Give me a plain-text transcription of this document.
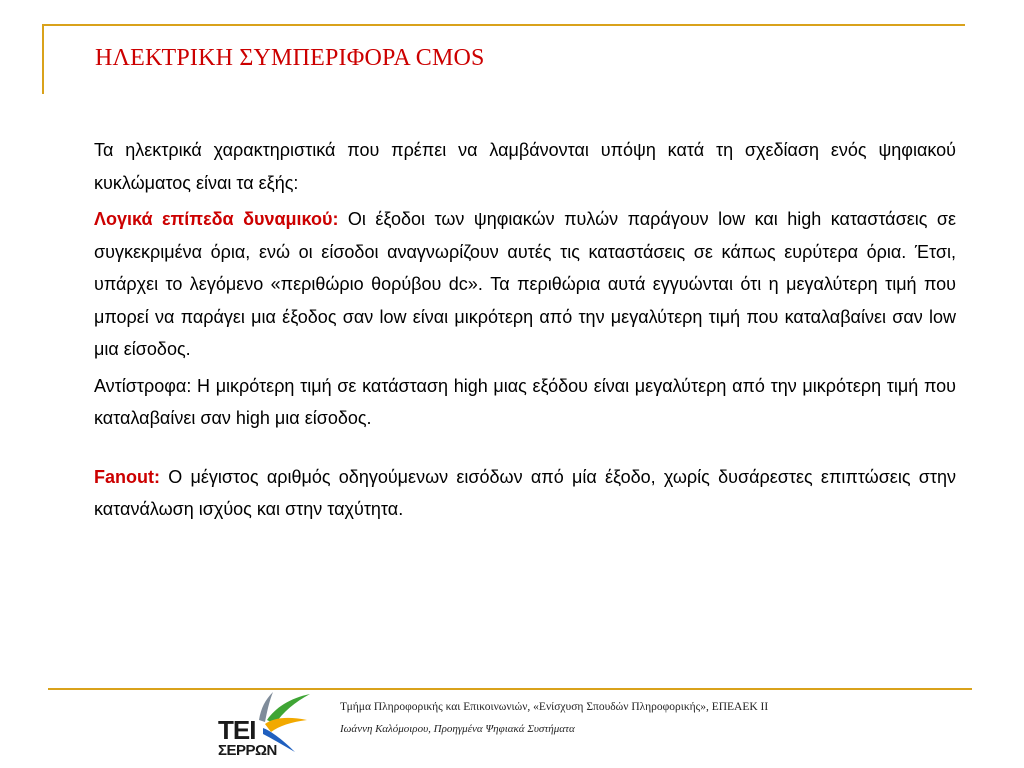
ΗΛΕΚΤΡΙΚΗ ΣΥΜΠΕΡΙΦΟΡΑ CMOS

Τα ηλεκτρικά χαρακτηριστικά που πρέπει να λαμβάνονται υπόψη κατά τη σχεδίαση ενός ψηφιακού κυκλώματος είναι τα εξής:

Λογικά επίπεδα δυναμικού: Οι έξοδοι των ψηφιακών πυλών παράγουν low και high καταστάσεις σε συγκεκριμένα όρια, ενώ οι είσοδοι αναγνωρίζουν αυτές τις καταστάσεις σε κάπως ευρύτερα όρια. Έτσι, υπάρχει το λεγόμενο «περιθώριο θορύβου dc». Τα περιθώρια αυτά εγγυώνται ότι η μεγαλύτερη τιμή που μπορεί να παράγει μια έξοδος σαν low είναι μικρότερη από την μεγαλύτερη τιμή που καταλαβαίνει σαν low μια είσοδος.

Αντίστροφα: Η μικρότερη τιμή σε κατάσταση high μιας εξόδου είναι μεγαλύτερη από την μικρότερη τιμή που καταλαβαίνει σαν high μια είσοδος.

Fanout: Ο μέγιστος αριθμός οδηγούμενων εισόδων από μία έξοδο, χωρίς δυσάρεστες επιπτώσεις στην κατανάλωση ισχύος και στην ταχύτητα.

ΤΕΙ
ΣΕΡΡΩΝ
Τμήμα Πληροφορικής και Επικοινωνιών, «Ενίσχυση Σπουδών Πληροφορικής», ΕΠΕΑΕΚ ΙΙ
Ιωάννη Καλόμοιρου, Προηγμένα Ψηφιακά Συστήματα
